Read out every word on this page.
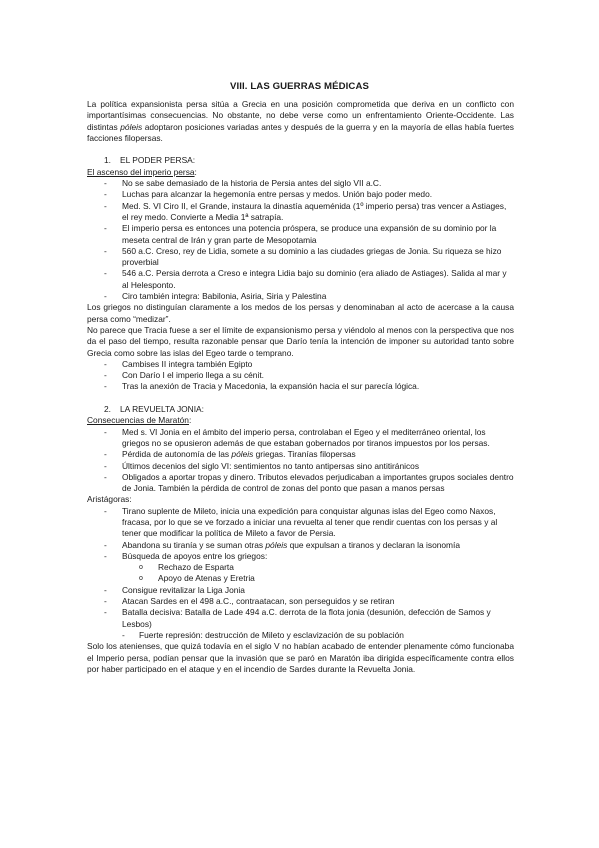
VIII. LAS GUERRAS MÉDICAS

La política expansionista persa sitúa a Grecia en una posición comprometida que deriva en un conflicto con importantísimas consecuencias. No obstante, no debe verse como un enfrentamiento Oriente-Occidente. Las distintas póleis adoptaron posiciones variadas antes y después de la guerra y en la mayoría de ellas había fuertes facciones filopersas.

1. EL PODER PERSA:
El ascenso del imperio persa:
- No se sabe demasiado de la historia de Persia antes del siglo VII a.C.
- Luchas para alcanzar la hegemonía entre persas y medos. Unión bajo poder medo.
- Med. S. VI Ciro II, el Grande, instaura la dinastía aqueménida (1º imperio persa) tras vencer a Astiages, el rey medo. Convierte a Media 1ª satrapía.
- El imperio persa es entonces una potencia próspera, se produce una expansión de su dominio por la meseta central de Irán y gran parte de Mesopotamia
- 560 a.C. Creso, rey de Lidia, somete a su dominio a las ciudades griegas de Jonia. Su riqueza se hizo proverbial
- 546 a.C. Persia derrota a Creso e integra Lidia bajo su dominio (era aliado de Astiages). Salida al mar y al Helesponto.
- Ciro también integra: Babilonia, Asiria, Siria y Palestina

Los griegos no distinguían claramente a los medos de los persas y denominaban al acto de acercase a la causa persa como “medizar”.

No parece que Tracia fuese a ser el límite de expansionismo persa y viéndolo al menos con la perspectiva que nos da el paso del tiempo, resulta razonable pensar que Darío tenía la intención de imponer su autoridad tanto sobre Grecia como sobre las islas del Egeo tarde o temprano.

- Cambises II integra también Egipto
- Con Darío I el imperio llega a su cénit.
- Tras la anexión de Tracia y Macedonia, la expansión hacia el sur parecía lógica.
2. LA REVUELTA JONIA:
Consecuencias de Maratón:
- Med s. VI Jonia en el ámbito del imperio persa, controlaban el Egeo y el mediterráneo oriental, los griegos no se opusieron además de que estaban gobernados por tiranos impuestos por los persas.
- Pérdida de autonomía de las póleis griegas. Tiranías filopersas
- Últimos decenios del siglo VI: sentimientos no tanto antipersas sino antitiránicos
- Obligados a aportar tropas y dinero. Tributos elevados perjudicaban a importantes grupos sociales dentro de Jonia. También la pérdida de control de zonas del ponto que pasan a manos persas
Aristágoras:
- Tirano suplente de Mileto, inicia una expedición para conquistar algunas islas del Egeo como Naxos, fracasa, por lo que se ve forzado a iniciar una revuelta al tener que rendir cuentas con los persas y al tener que modificar la política de Mileto a favor de Persia.
- Abandona su tiranía y se suman otras póleis que expulsan a tiranos y declaran la isonomía
- Búsqueda de apoyos entre los griegos:
o Rechazo de Esparta
o Apoyo de Atenas y Eretria
- Consigue revitalizar la Liga Jonia
- Atacan Sardes en el 498 a.C., contraatacan, son perseguidos y se retiran
- Batalla decisiva: Batalla de Lade 494 a.C. derrota de la flota jonia (desunión, defección de Samos y Lesbos)
- Fuerte represión: destrucción de Mileto y esclavización de su población

Solo los atenienses, que quizá todavía en el siglo V no habían acabado de entender plenamente cómo funcionaba el Imperio persa, podían pensar que la invasión que se paró en Maratón iba dirigida específicamente contra ellos por haber participado en el ataque y en el incendio de Sardes durante la Revuelta Jonia.
